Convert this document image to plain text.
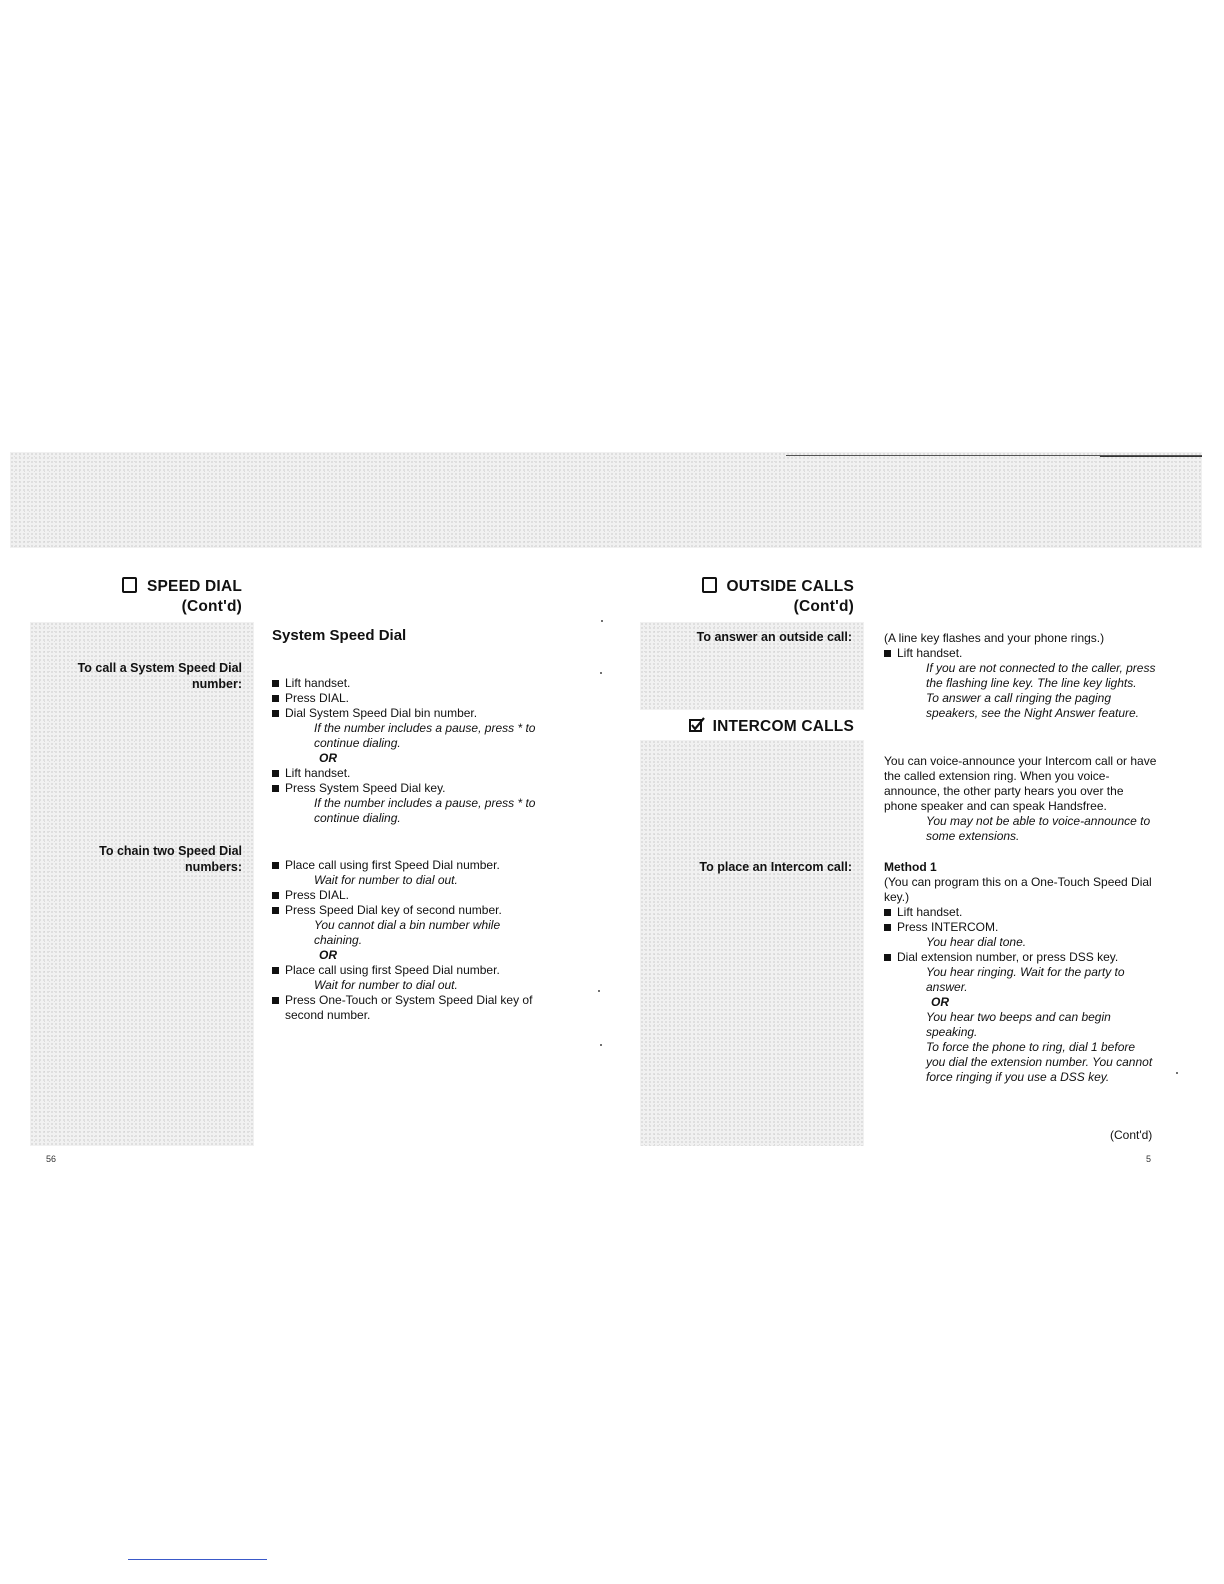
SPEED DIAL
(Cont'd)
To call a System Speed Dial
number:
To chain two Speed Dial
numbers:
System Speed Dial
Lift handset.
Press DIAL.
Dial System Speed Dial bin number.
If the number includes a pause, press * to
continue dialing.
OR
Lift handset.
Press System Speed Dial key.
If the number includes a pause, press * to
continue dialing.
Place call using first Speed Dial number.
Wait for number to dial out.
Press DIAL.
Press Speed Dial key of second number.
You cannot dial a bin number while
chaining.
OR
Place call using first Speed Dial number.
Wait for number to dial out.
Press One-Touch or System Speed Dial key of
second number.
56
OUTSIDE CALLS
(Cont'd)
To answer an outside call:
INTERCOM CALLS
To place an Intercom call:
(A line key flashes and your phone rings.)
Lift handset.
If you are not connected to the caller, press
the flashing line key. The line key lights.
To answer a call ringing the paging
speakers, see the Night Answer feature.
You can voice-announce your Intercom call or have
the called extension ring. When you voice-
announce, the other party hears you over the
phone speaker and can speak Handsfree.
You may not be able to voice-announce to
some extensions.
Method 1
(You can program this on a One-Touch Speed Dial
key.)
Lift handset.
Press INTERCOM.
You hear dial tone.
Dial extension number, or press DSS key.
You hear ringing. Wait for the party to
answer.
OR
You hear two beeps and can begin
speaking.
To force the phone to ring, dial 1 before
you dial the extension number. You cannot
force ringing if you use a DSS key.
(Cont'd)
5
